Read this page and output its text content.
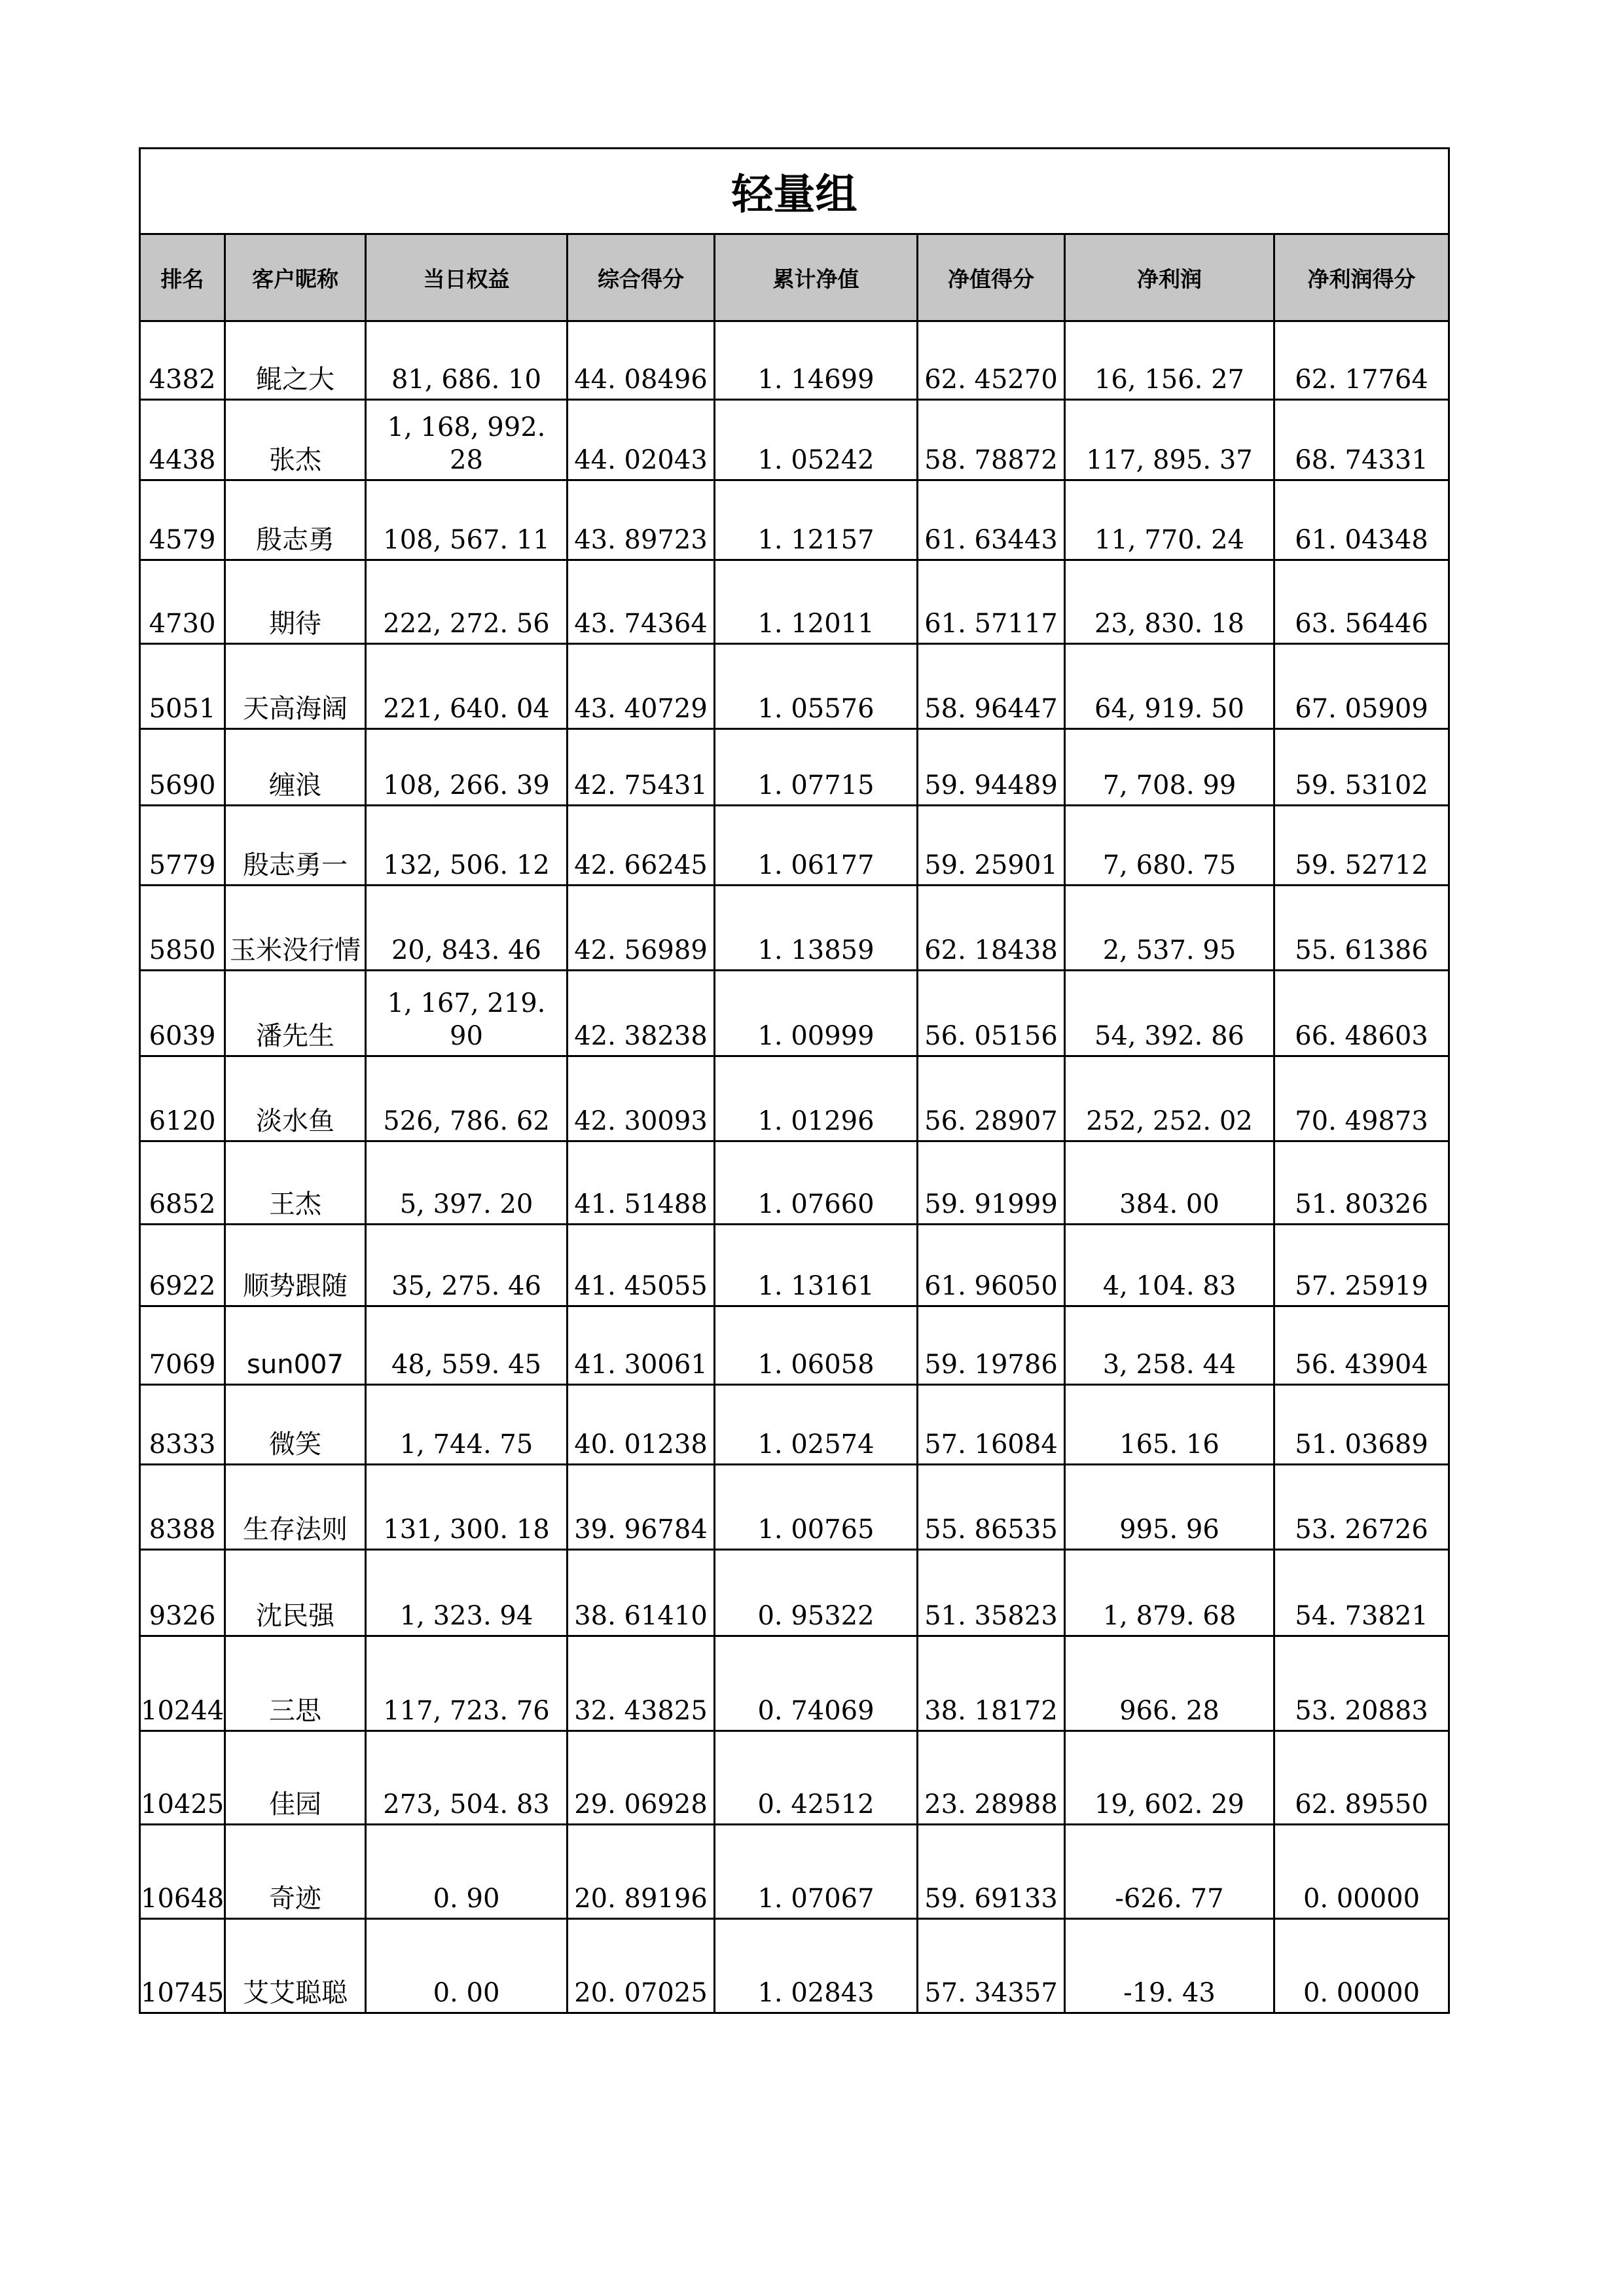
轻量组							
排名	客户昵称	当日权益	综合得分	累计净值	净值得分	净利润	净利润得分
4382	鲲之大	81, 686. 10	44. 08496	1. 14699	62. 45270	16, 156. 27	62. 17764
4438	张杰	1, 168, 992. 28	44. 02043	1. 05242	58. 78872	117, 895. 37	68. 74331
4579	殷志勇	108, 567. 11	43. 89723	1. 12157	61. 63443	11, 770. 24	61. 04348
4730	期待	222, 272. 56	43. 74364	1. 12011	61. 57117	23, 830. 18	63. 56446
5051	天高海阔	221, 640. 04	43. 40729	1. 05576	58. 96447	64, 919. 50	67. 05909
5690	缠浪	108, 266. 39	42. 75431	1. 07715	59. 94489	7, 708. 99	59. 53102
5779	殷志勇一	132, 506. 12	42. 66245	1. 06177	59. 25901	7, 680. 75	59. 52712
5850	玉米没行情	20, 843. 46	42. 56989	1. 13859	62. 18438	2, 537. 95	55. 61386
6039	潘先生	1, 167, 219. 90	42. 38238	1. 00999	56. 05156	54, 392. 86	66. 48603
6120	淡水鱼	526, 786. 62	42. 30093	1. 01296	56. 28907	252, 252. 02	70. 49873
6852	王杰	5, 397. 20	41. 51488	1. 07660	59. 91999	384. 00	51. 80326
6922	顺势跟随	35, 275. 46	41. 45055	1. 13161	61. 96050	4, 104. 83	57. 25919
7069	sun007	48, 559. 45	41. 30061	1. 06058	59. 19786	3, 258. 44	56. 43904
8333	微笑	1, 744. 75	40. 01238	1. 02574	57. 16084	165. 16	51. 03689
8388	生存法则	131, 300. 18	39. 96784	1. 00765	55. 86535	995. 96	53. 26726
9326	沈民强	1, 323. 94	38. 61410	0. 95322	51. 35823	1, 879. 68	54. 73821
10244	三思	117, 723. 76	32. 43825	0. 74069	38. 18172	966. 28	53. 20883
10425	佳园	273, 504. 83	29. 06928	0. 42512	23. 28988	19, 602. 29	62. 89550
10648	奇迹	0. 90	20. 89196	1. 07067	59. 69133	-626. 77	0. 00000
10745	艾艾聪聪	0. 00	20. 07025	1. 02843	57. 34357	-19. 43	0. 00000
